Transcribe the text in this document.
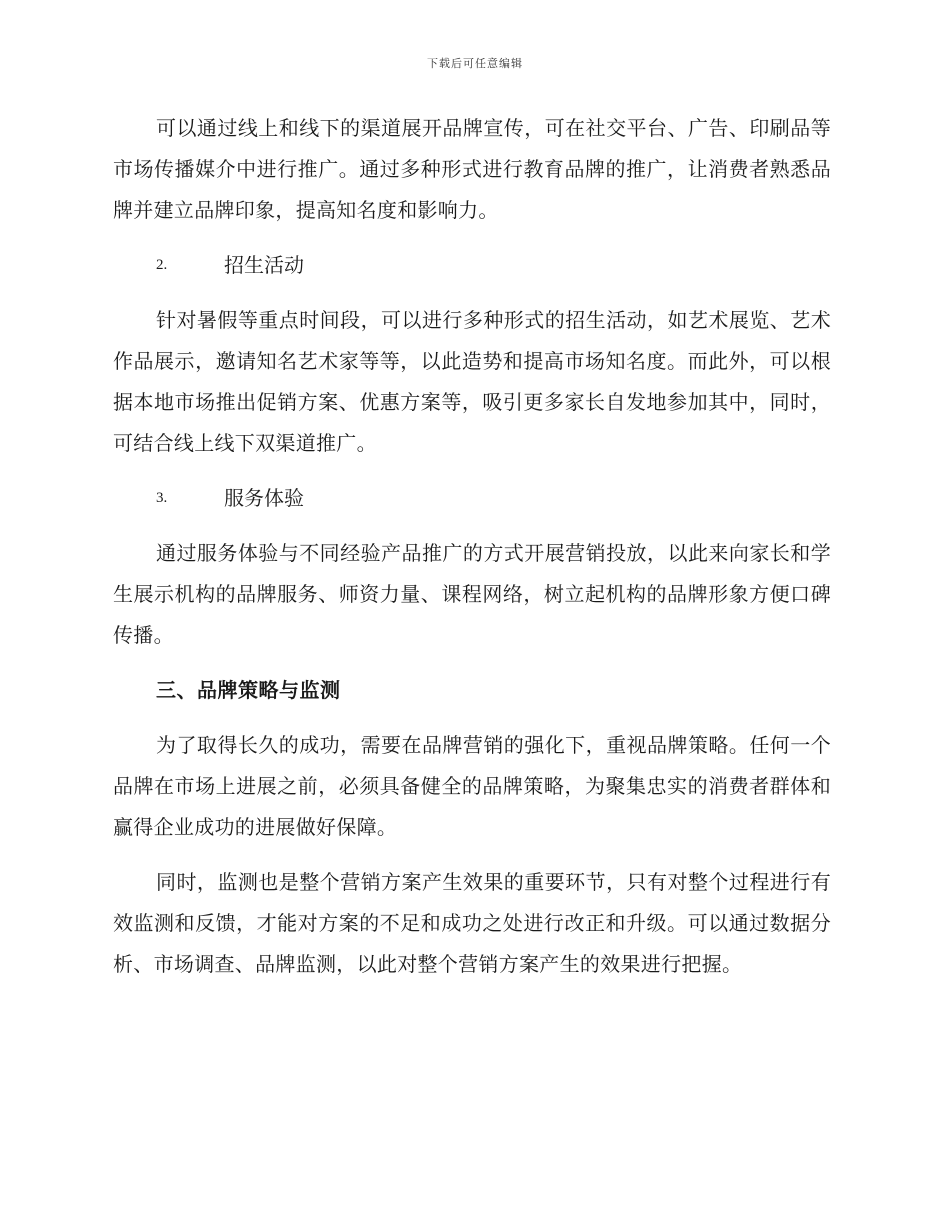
下载后可任意编辑

可以通过线上和线下的渠道展开品牌宣传，可在社交平台、广告、印刷品等市场传播媒介中进行推广。通过多种形式进行教育品牌的推广，让消费者熟悉品牌并建立品牌印象，提高知名度和影响力。

2.	招生活动

针对暑假等重点时间段，可以进行多种形式的招生活动，如艺术展览、艺术作品展示，邀请知名艺术家等等，以此造势和提高市场知名度。而此外，可以根据本地市场推出促销方案、优惠方案等，吸引更多家长自发地参加其中，同时，可结合线上线下双渠道推广。

3.	服务体验

通过服务体验与不同经验产品推广的方式开展营销投放，以此来向家长和学生展示机构的品牌服务、师资力量、课程网络，树立起机构的品牌形象方便口碑传播。

三、品牌策略与监测

为了取得长久的成功，需要在品牌营销的强化下，重视品牌策略。任何一个品牌在市场上进展之前，必须具备健全的品牌策略，为聚集忠实的消费者群体和赢得企业成功的进展做好保障。

同时，监测也是整个营销方案产生效果的重要环节，只有对整个过程进行有效监测和反馈，才能对方案的不足和成功之处进行改正和升级。可以通过数据分析、市场调查、品牌监测，以此对整个营销方案产生的效果进行把握。
